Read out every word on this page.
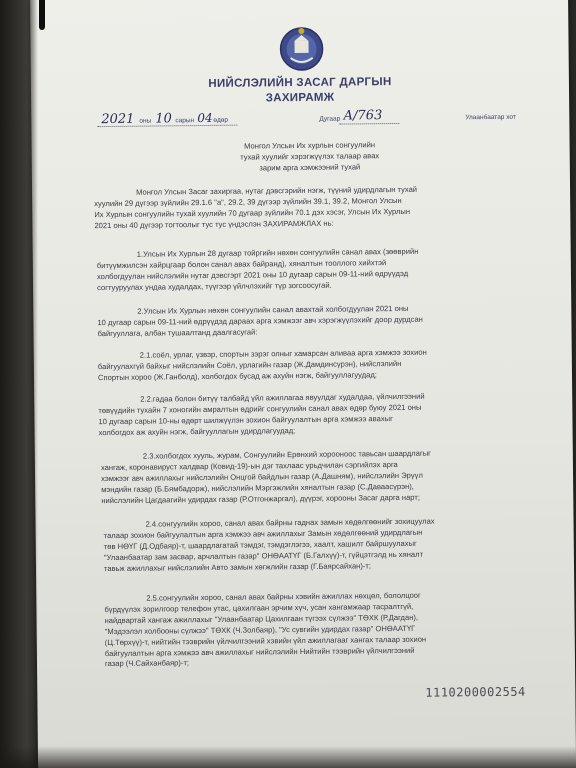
НИЙСЛЭЛИЙН ЗАСАГ ДАРГЫН
ЗАХИРАМЖ
2021 оны 10 сарын 04 өдөр	Дугаар А/763	Улаанбаатар хот
Монгол Улсын Их хурлын сонгуулийн
тухай хуулийг хэрэгжүүлэх талаар авах
зарим арга хэмжээний тухай
Монгол Улсын Засаг захиргаа, нутаг дэвсгэрийн нэгж, түүний удирдлагын тухай
хуулийн 29 дүгээр зүйлийн 29.1.6 "а", 29.2, 39 дүгээр зүйлийн 39.1, 39.2, Монгол Улсын
Их Хурлын сонгуулийн тухай хуулийн 70 дугаар зүйлийн 70.1 дэх хэсэг, Улсын Их Хурлын
2021 оны 40 дүгээр тогтоолыг тус тус үндэслэн ЗАХИРАМЖЛАХ нь:
1.Улсын Их Хурлын 28 дугаар тойргийн нөхөн сонгуулийн санал авах (зөөврийн
битүүмжилсэн хайрцгаар болон санал авах байранд), хяналтын тооллого хийхтэй
холбогдуулан нийслэлийн нутаг дэвсгэрт 2021 оны 10 дугаар сарын 09-11-ний өдрүүдэд
согтууруулах ундаа худалдах, түүгээр үйлчлэхийг түр зогсоосугай.
2.Улсын Их Хурлын нөхөн сонгуулийн санал авахтай холбогдуулан 2021 оны
10 дугаар сарын 09-11-ний өдрүүдэд дараах арга хэмжээг авч хэрэгжүүлэхийг доор дурдсан
байгууллага, албан тушаалтанд даалгасугай:
2.1.соёл, урлаг, үзвэр, спортын зэрэг олныг хамарсан аливаа арга хэмжээ зохион
байгуулахгүй байхыг нийслэлийн Соёл, урлагийн газар (Ж.Дамдинсүрэн), нийслэлийн
Спортын хороо (Ж.Ганболд), холбогдох бусад аж ахуйн нэгж, байгууллагуудад;
2.2.гадаа болон битүү талбайд үйл ажиллагаа явуулдаг худалдаа, үйлчилгээний
төвүүдийн тухайн 7 хоногийн амралтын өдрийг сонгуулийн санал авах өдөр буюу 2021 оны
10 дугаар сарын 10-ны өдөрт шилжүүлэн зохион байгуулалтын арга хэмжээ авахыг
холбогдох аж ахуйн нэгж, байгууллагын удирдлагуудад;
2.3.холбогдох хууль, журам, Сонгуулийн Ерөнхий хорооноос тавьсан шаардлагыг
хангаж, коронавируст халдвар (Ковид-19)-ын дэг тахлаас урьдчилан сэргийлэх арга
хэмжээг авч ажиллахыг нийслэлийн Онцгой байдлын газар (А.Дашням), нийслэлийн Эрүүл
мэндийн газар (Б.Бямбадорж), нийслэлийн Мэргэжлийн хяналтын газар (С.Даваасүрэн),
нийслэлийн Цагдаагийн удирдах газар (Р.Отгонжаргал), дүүрэг, хорооны Засаг дарга нарт;
2.4.сонгуулийн хороо, санал авах байрны гаднах замын хөдөлгөөнийг зохицуулах
талаар зохион байгуулалтын арга хэмжээ авч ажиллахыг Замын хөдөлгөөний удирдлагын
төв НӨҮГ (Д.Одбаяр)-т, шаардлагатай тэмдэг, тэмдэглэгээ, хаалт, хашилт байршуулахыг
"Улаанбаатар зам засвар, арчлалтын газар" ОНӨААТҮГ (Б.Галхүү)-т, гүйцэтгэлд нь хяналт
тавьж ажиллахыг нийслэлийн Авто замын хөгжлийн газар (Г.Баярсайхан)-т;
2.5.сонгуулийн хороо, санал авах байрны хэвийн ажиллах нөхцөл, бололцоог
бүрдүүлэх зорилгоор телефон утас, цахилгаан эрчим хүч, усан хангамжаар тасралтгүй,
найдвартай хангаж ажиллахыг "Улаанбаатар Цахилгаан түгээх сүлжээ" ТӨХК (Р.Дагдан),
"Мэдээлэл холбооны сүлжээ" ТӨХК (Ч.Золбаяр), "Ус сувгийн удирдах газар" ОНӨААТҮГ
(Ц.Төрхүү)-т, нийтийн тээврийн үйлчилгээний хэвийн үйл ажиллагааг хангах талаар зохион
байгуулалтын арга хэмжээ авч ажиллахыг нийслэлийн Нийтийн тээврийн үйлчилгээний
газар (Ч.Сайханбаяр)-т;
1110200002554
